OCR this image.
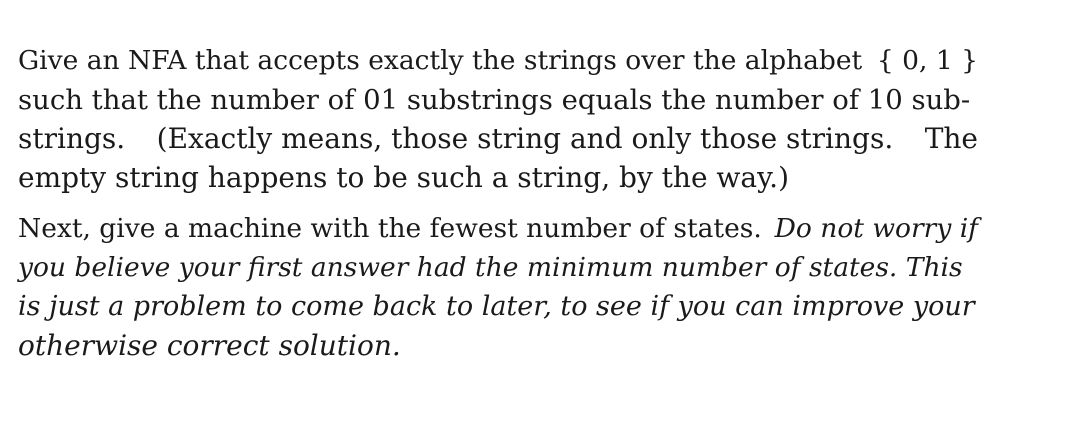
Give an NFA that accepts exactly the strings over the alphabet { 0, 1 }
such that the number of 01 substrings equals the number of 10 sub-
strings. (Exactly means, those string and only those strings. The
empty string happens to be such a string, by the way.)
Next, give a machine with the fewest number of states. Do not worry if
you believe your first answer had the minimum number of states. This
is just a problem to come back to later, to see if you can improve your
otherwise correct solution.
